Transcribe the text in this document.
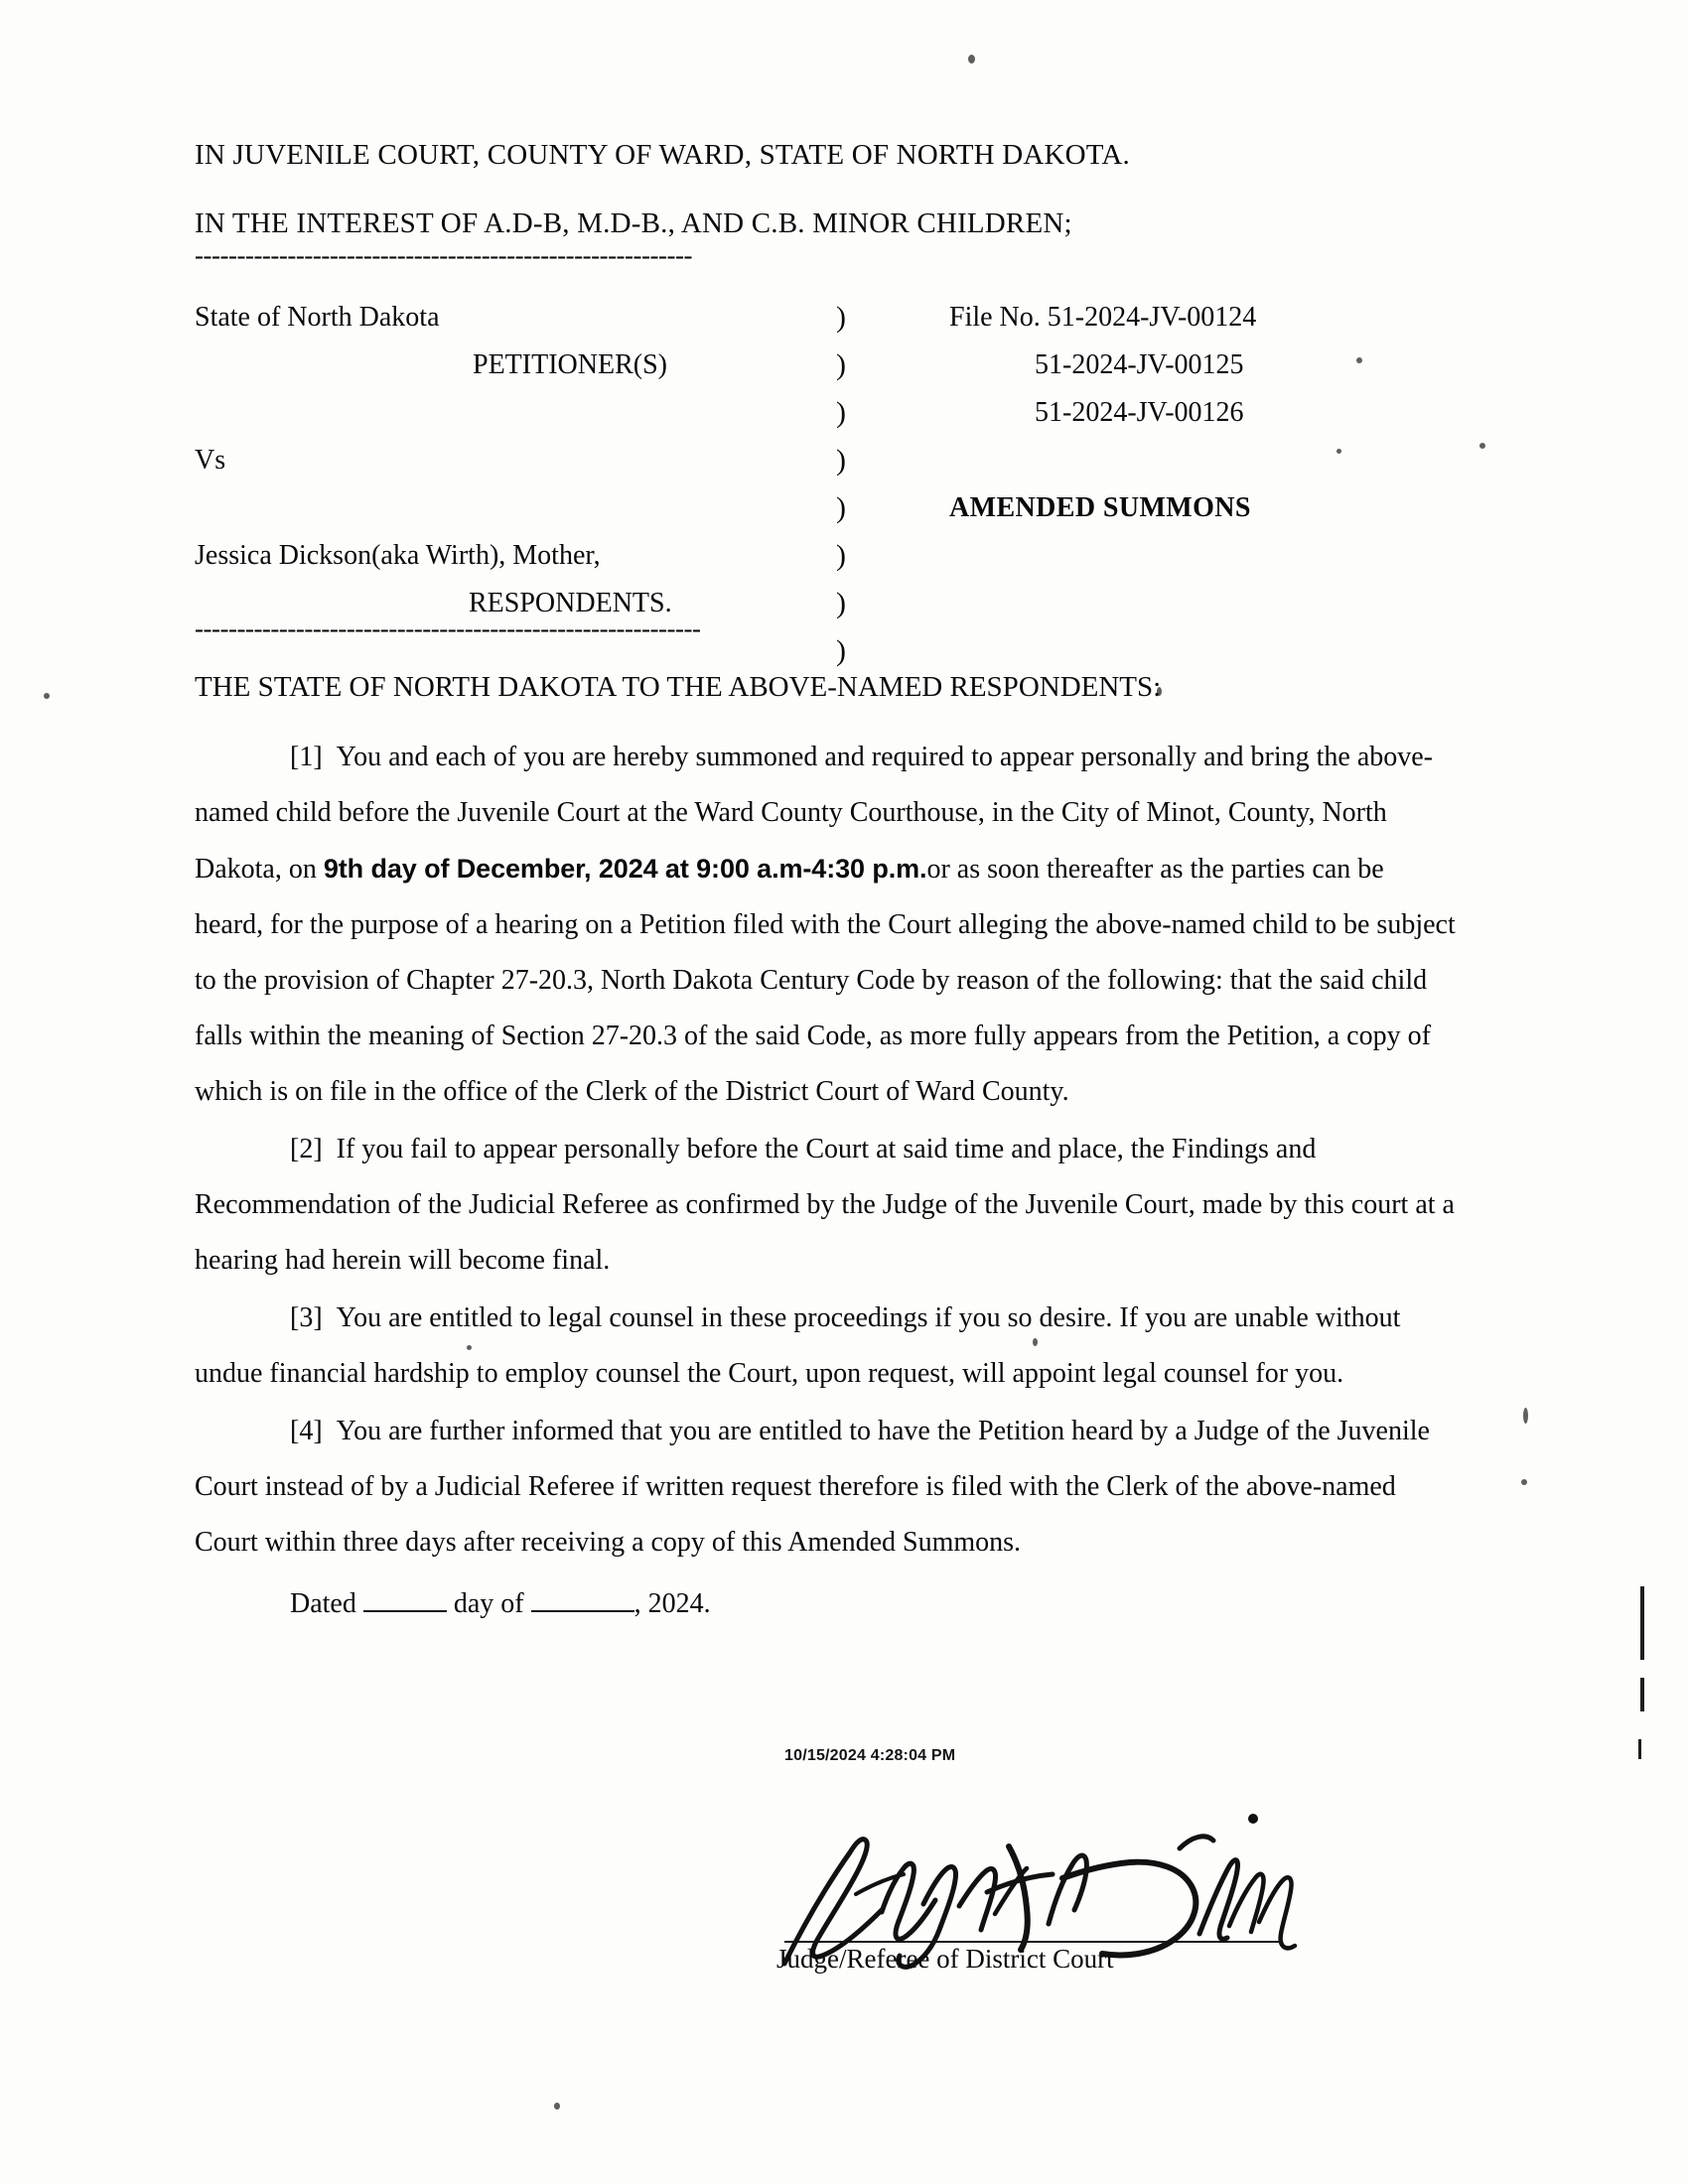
IN JUVENILE COURT, COUNTY OF WARD, STATE OF NORTH DAKOTA.
IN THE INTEREST OF A.D-B, M.D-B., AND C.B. MINOR CHILDREN;
-----------------------------------------------------------
State of North Dakota
PETITIONER(S)

Vs

Jessica Dickson(aka Wirth), Mother,
RESPONDENTS.
)
)
)
)
)
)
)
)
File No. 51-2024-JV-00124
51-2024-JV-00125
51-2024-JV-00126

AMENDED SUMMONS
------------------------------------------------------------
THE STATE OF NORTH DAKOTA TO THE ABOVE-NAMED RESPONDENTS:

[1] You and each of you are hereby summoned and required to appear personally and bring the above-named child before the Juvenile Court at the Ward County Courthouse, in the City of Minot, County, North Dakota, on 9th day of December, 2024 at 9:00 a.m-4:30 p.m.or as soon thereafter as the parties can be heard, for the purpose of a hearing on a Petition filed with the Court alleging the above-named child to be subject to the provision of Chapter 27-20.3, North Dakota Century Code by reason of the following: that the said child falls within the meaning of Section 27-20.3 of the said Code, as more fully appears from the Petition, a copy of which is on file in the office of the Clerk of the District Court of Ward County.

[2] If you fail to appear personally before the Court at said time and place, the Findings and Recommendation of the Judicial Referee as confirmed by the Judge of the Juvenile Court, made by this court at a hearing had herein will become final.

[3] You are entitled to legal counsel in these proceedings if you so desire. If you are unable without undue financial hardship to employ counsel the Court, upon request, will appoint legal counsel for you.

[4] You are further informed that you are entitled to have the Petition heard by a Judge of the Juvenile Court instead of by a Judicial Referee if written request therefore is filed with the Clerk of the above-named Court within three days after receiving a copy of this Amended Summons.

Dated	day of	, 2024.
10/15/2024 4:28:04 PM
Judge/Referee of District Court
